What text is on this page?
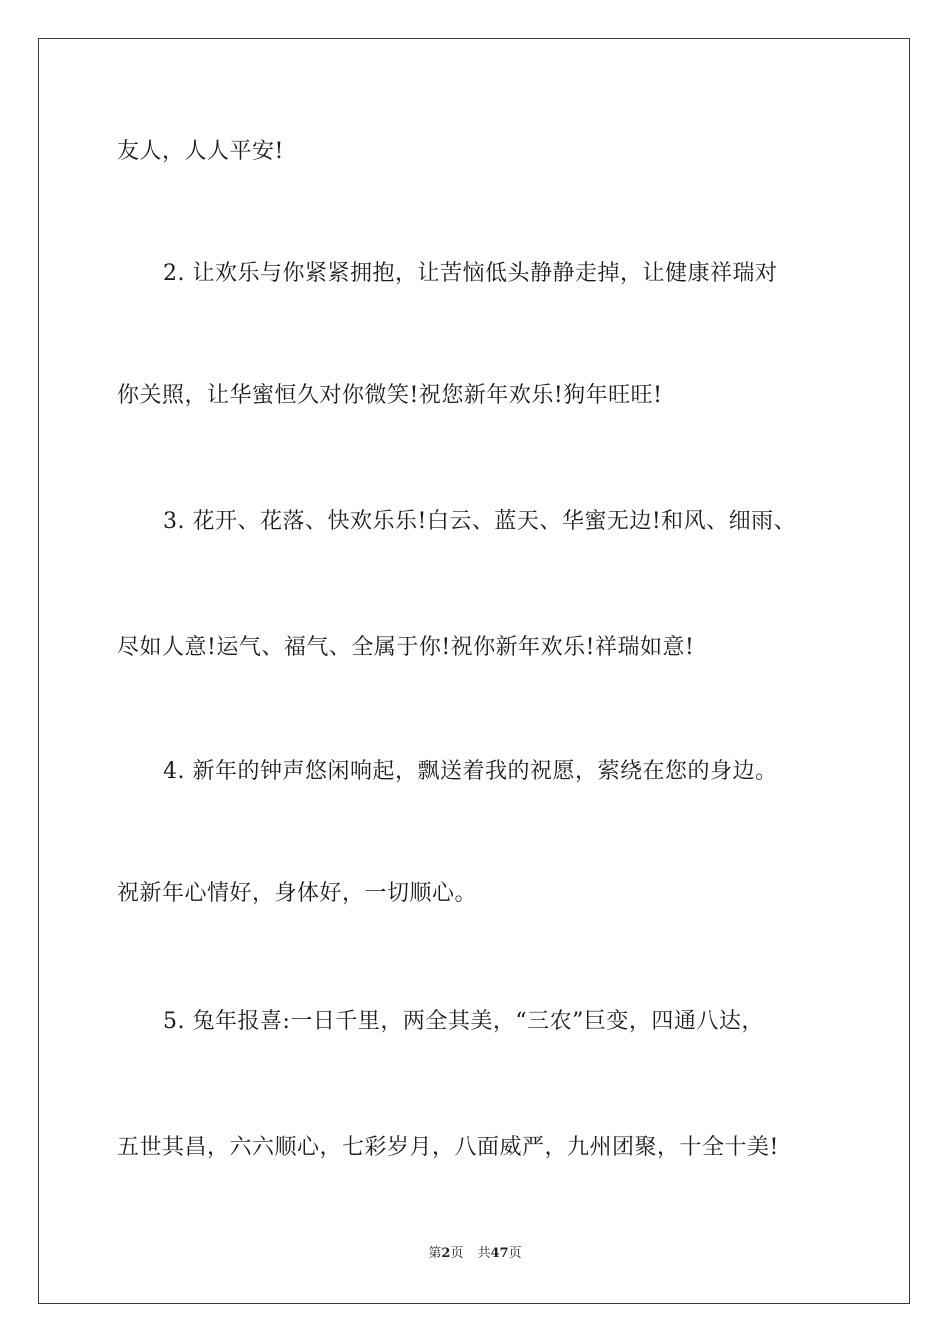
友人，人人平安!
2. 让欢乐与你紧紧拥抱，让苦恼低头静静走掉，让健康祥瑞对
你关照，让华蜜恒久对你微笑!祝您新年欢乐!狗年旺旺!
3. 花开、花落、快欢乐乐!白云、蓝天、华蜜无边!和风、细雨、
尽如人意!运气、福气、全属于你!祝你新年欢乐!祥瑞如意!
4. 新年的钟声悠闲响起，飘送着我的祝愿，萦绕在您的身边。
祝新年心情好，身体好，一切顺心。
5. 兔年报喜:一日千里，两全其美，“三农”巨变，四通八达，
五世其昌，六六顺心，七彩岁月，八面威严，九州团聚，十全十美!
第2页 共47页
